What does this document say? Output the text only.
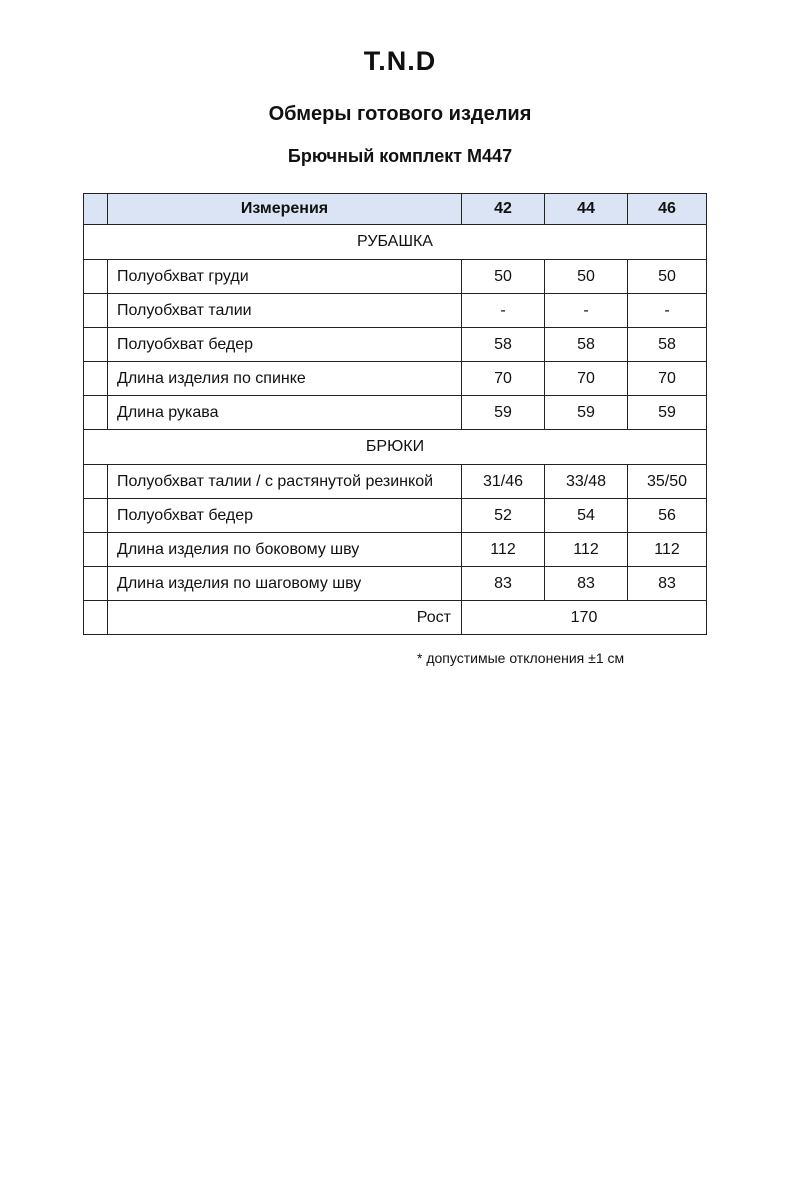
T.N.D
Обмеры готового изделия
Брючный комплект М447
	Измерения	42	44	46
РУБАШКА				
	Полуобхват груди	50	50	50
	Полуобхват талии	-	-	-
	Полуобхват бедер	58	58	58
	Длина изделия по спинке	70	70	70
	Длина рукава	59	59	59
БРЮКИ				
	Полуобхват талии / с растянутой резинкой	31/46	33/48	35/50
	Полуобхват бедер	52	54	56
	Длина изделия по боковому шву	112	112	112
	Длина изделия по шаговому шву	83	83	83
	Рост	170		
* допустимые отклонения ±1 см
